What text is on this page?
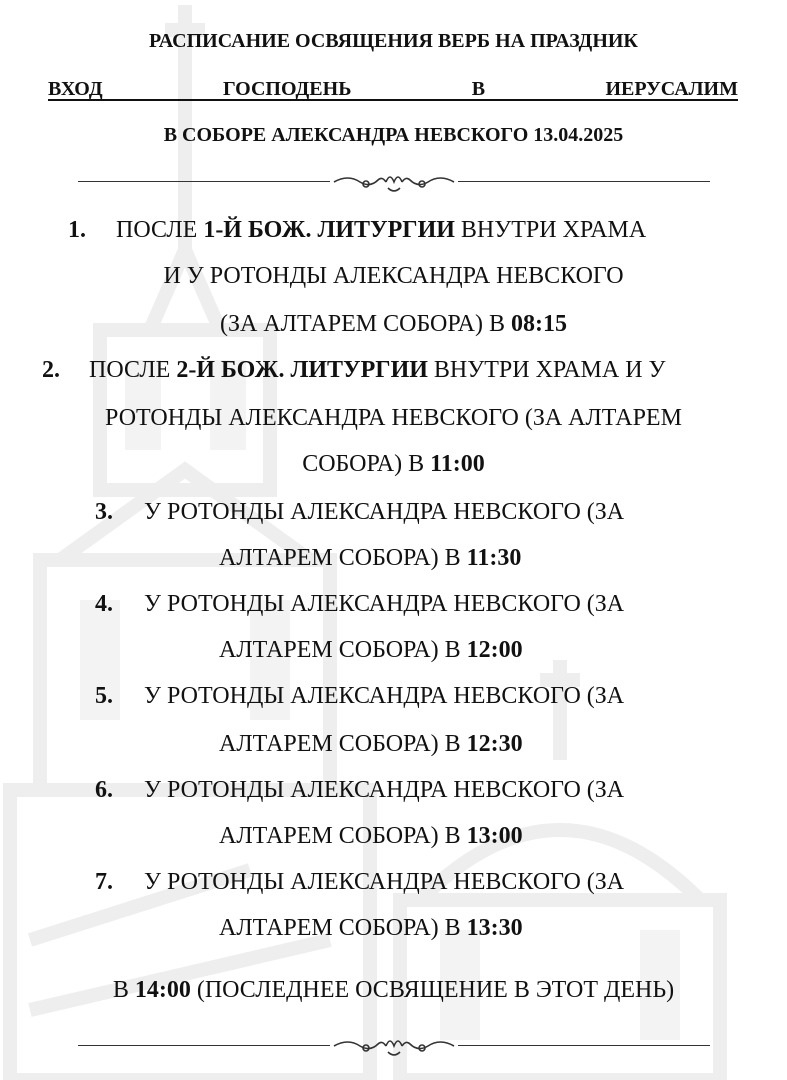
РАСПИСАНИЕ ОСВЯЩЕНИЯ ВЕРБ НА ПРАЗДНИК
ВХОД ГОСПОДЕНЬ В ИЕРУСАЛИМ
В СОБОРЕ АЛЕКСАНДРА НЕВСКОГО 13.04.2025
1. ПОСЛЕ 1-Й БОЖ. ЛИТУРГИИ ВНУТРИ ХРАМА
И У РОТОНДЫ АЛЕКСАНДРА НЕВСКОГО
(ЗА АЛТАРЕМ СОБОРА) В 08:15
2. ПОСЛЕ 2-Й БОЖ. ЛИТУРГИИ ВНУТРИ ХРАМА И У
РОТОНДЫ АЛЕКСАНДРА НЕВСКОГО (ЗА АЛТАРЕМ
СОБОРА) В 11:00
3. У РОТОНДЫ АЛЕКСАНДРА НЕВСКОГО (ЗА
АЛТАРЕМ СОБОРА) В 11:30
4. У РОТОНДЫ АЛЕКСАНДРА НЕВСКОГО (ЗА
АЛТАРЕМ СОБОРА) В 12:00
5. У РОТОНДЫ АЛЕКСАНДРА НЕВСКОГО (ЗА
АЛТАРЕМ СОБОРА) В 12:30
6. У РОТОНДЫ АЛЕКСАНДРА НЕВСКОГО (ЗА
АЛТАРЕМ СОБОРА) В 13:00
7. У РОТОНДЫ АЛЕКСАНДРА НЕВСКОГО (ЗА
АЛТАРЕМ СОБОРА) В 13:30
В 14:00 (ПОСЛЕДНЕЕ ОСВЯЩЕНИЕ В ЭТОТ ДЕНЬ)
